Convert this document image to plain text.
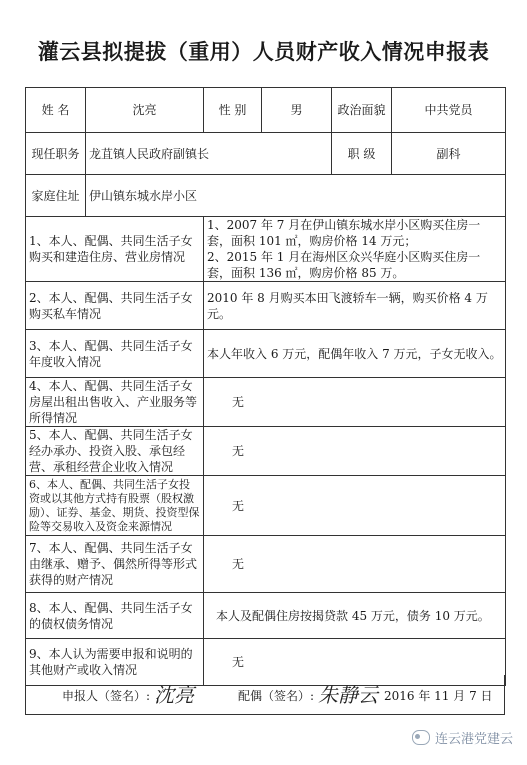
灌云县拟提拔（重用）人员财产收入情况申报表
姓 名	沈亮	性 别	男	政治面貌	中共党员
现任职务	龙苴镇人民政府副镇长			职 级	副科
家庭住址	伊山镇东城水岸小区				
1、本人、配偶、共同生活子女购买和建造住房、营业房情况		1、2007 年 7 月在伊山镇东城水岸小区购买住房一套，面积 101 ㎡，购房价格 14 万元；
2、2015 年 1 月在海州区众兴华庭小区购买住房一套，面积 136 ㎡，购房价格 85 万。			
2、本人、配偶、共同生活子女购买私车情况		2010 年 8 月购买本田飞渡轿车一辆，购买价格 4 万元。			
3、本人、配偶、共同生活子女年度收入情况		本人年收入 6 万元，配偶年收入 7 万元，子女无收入。			
4、本人、配偶、共同生活子女房屋出租出售收入、产业服务等所得情况		无			
5、本人、配偶、共同生活子女经办承办、投资入股、承包经营、承租经营企业收入情况		无			
6、本人、配偶、共同生活子女投资或以其他方式持有股票（股权激励）、证券、基金、期货、投资型保险等交易收入及资金来源情况		无			
7、本人、配偶、共同生活子女由继承、赠予、偶然所得等形式获得的财产情况		无			
8、本人、配偶、共同生活子女的债权债务情况		本人及配偶住房按揭贷款 45 万元，债务 10 万元。			
9、本人认为需要申报和说明的其他财产或收入情况		无			
申报人（签名）: 沈亮	配偶（签名）: 朱静云 2016 年 11 月 7 日
连云港党建云
